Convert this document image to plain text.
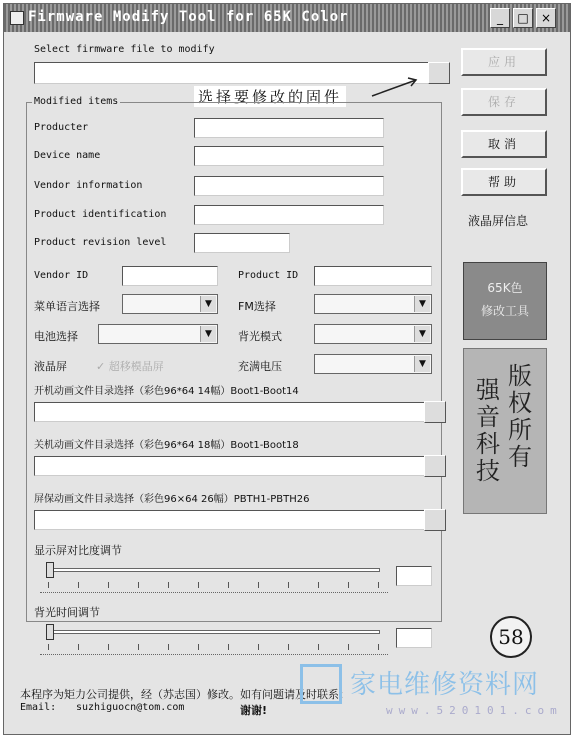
Firmware Modify Tool for 65K Color	_	□	×
Select firmware file to modify
选择要修改的固件
Modified items
Producter
Device name
Vendor information
Product identification
Product revision level
Vendor ID	Product ID
菜单语言选择	▼	FM选择	▼
电池选择	▼	背光模式	▼
液晶屏	✓ 超移模晶屏	充满电压	▼
开机动画文件目录选择（彩色96*64 14幅）Boot1-Boot14
关机动画文件目录选择（彩色96*64 18幅）Boot1-Boot18
屏保动画文件目录选择（彩色96×64 26幅）PBTH1-PBTH26
显示屏对比度调节
背光时间调节
应用
保存
取消
帮助
液晶屏信息
65K色
修改工具
强音科技
版权所有
58
本程序为矩力公司提供，经（苏志国）修改。如有问题请及时联系：
Email: suzhiguocn@tom.com	谢谢!
家电维修资料网
www.520101.com
